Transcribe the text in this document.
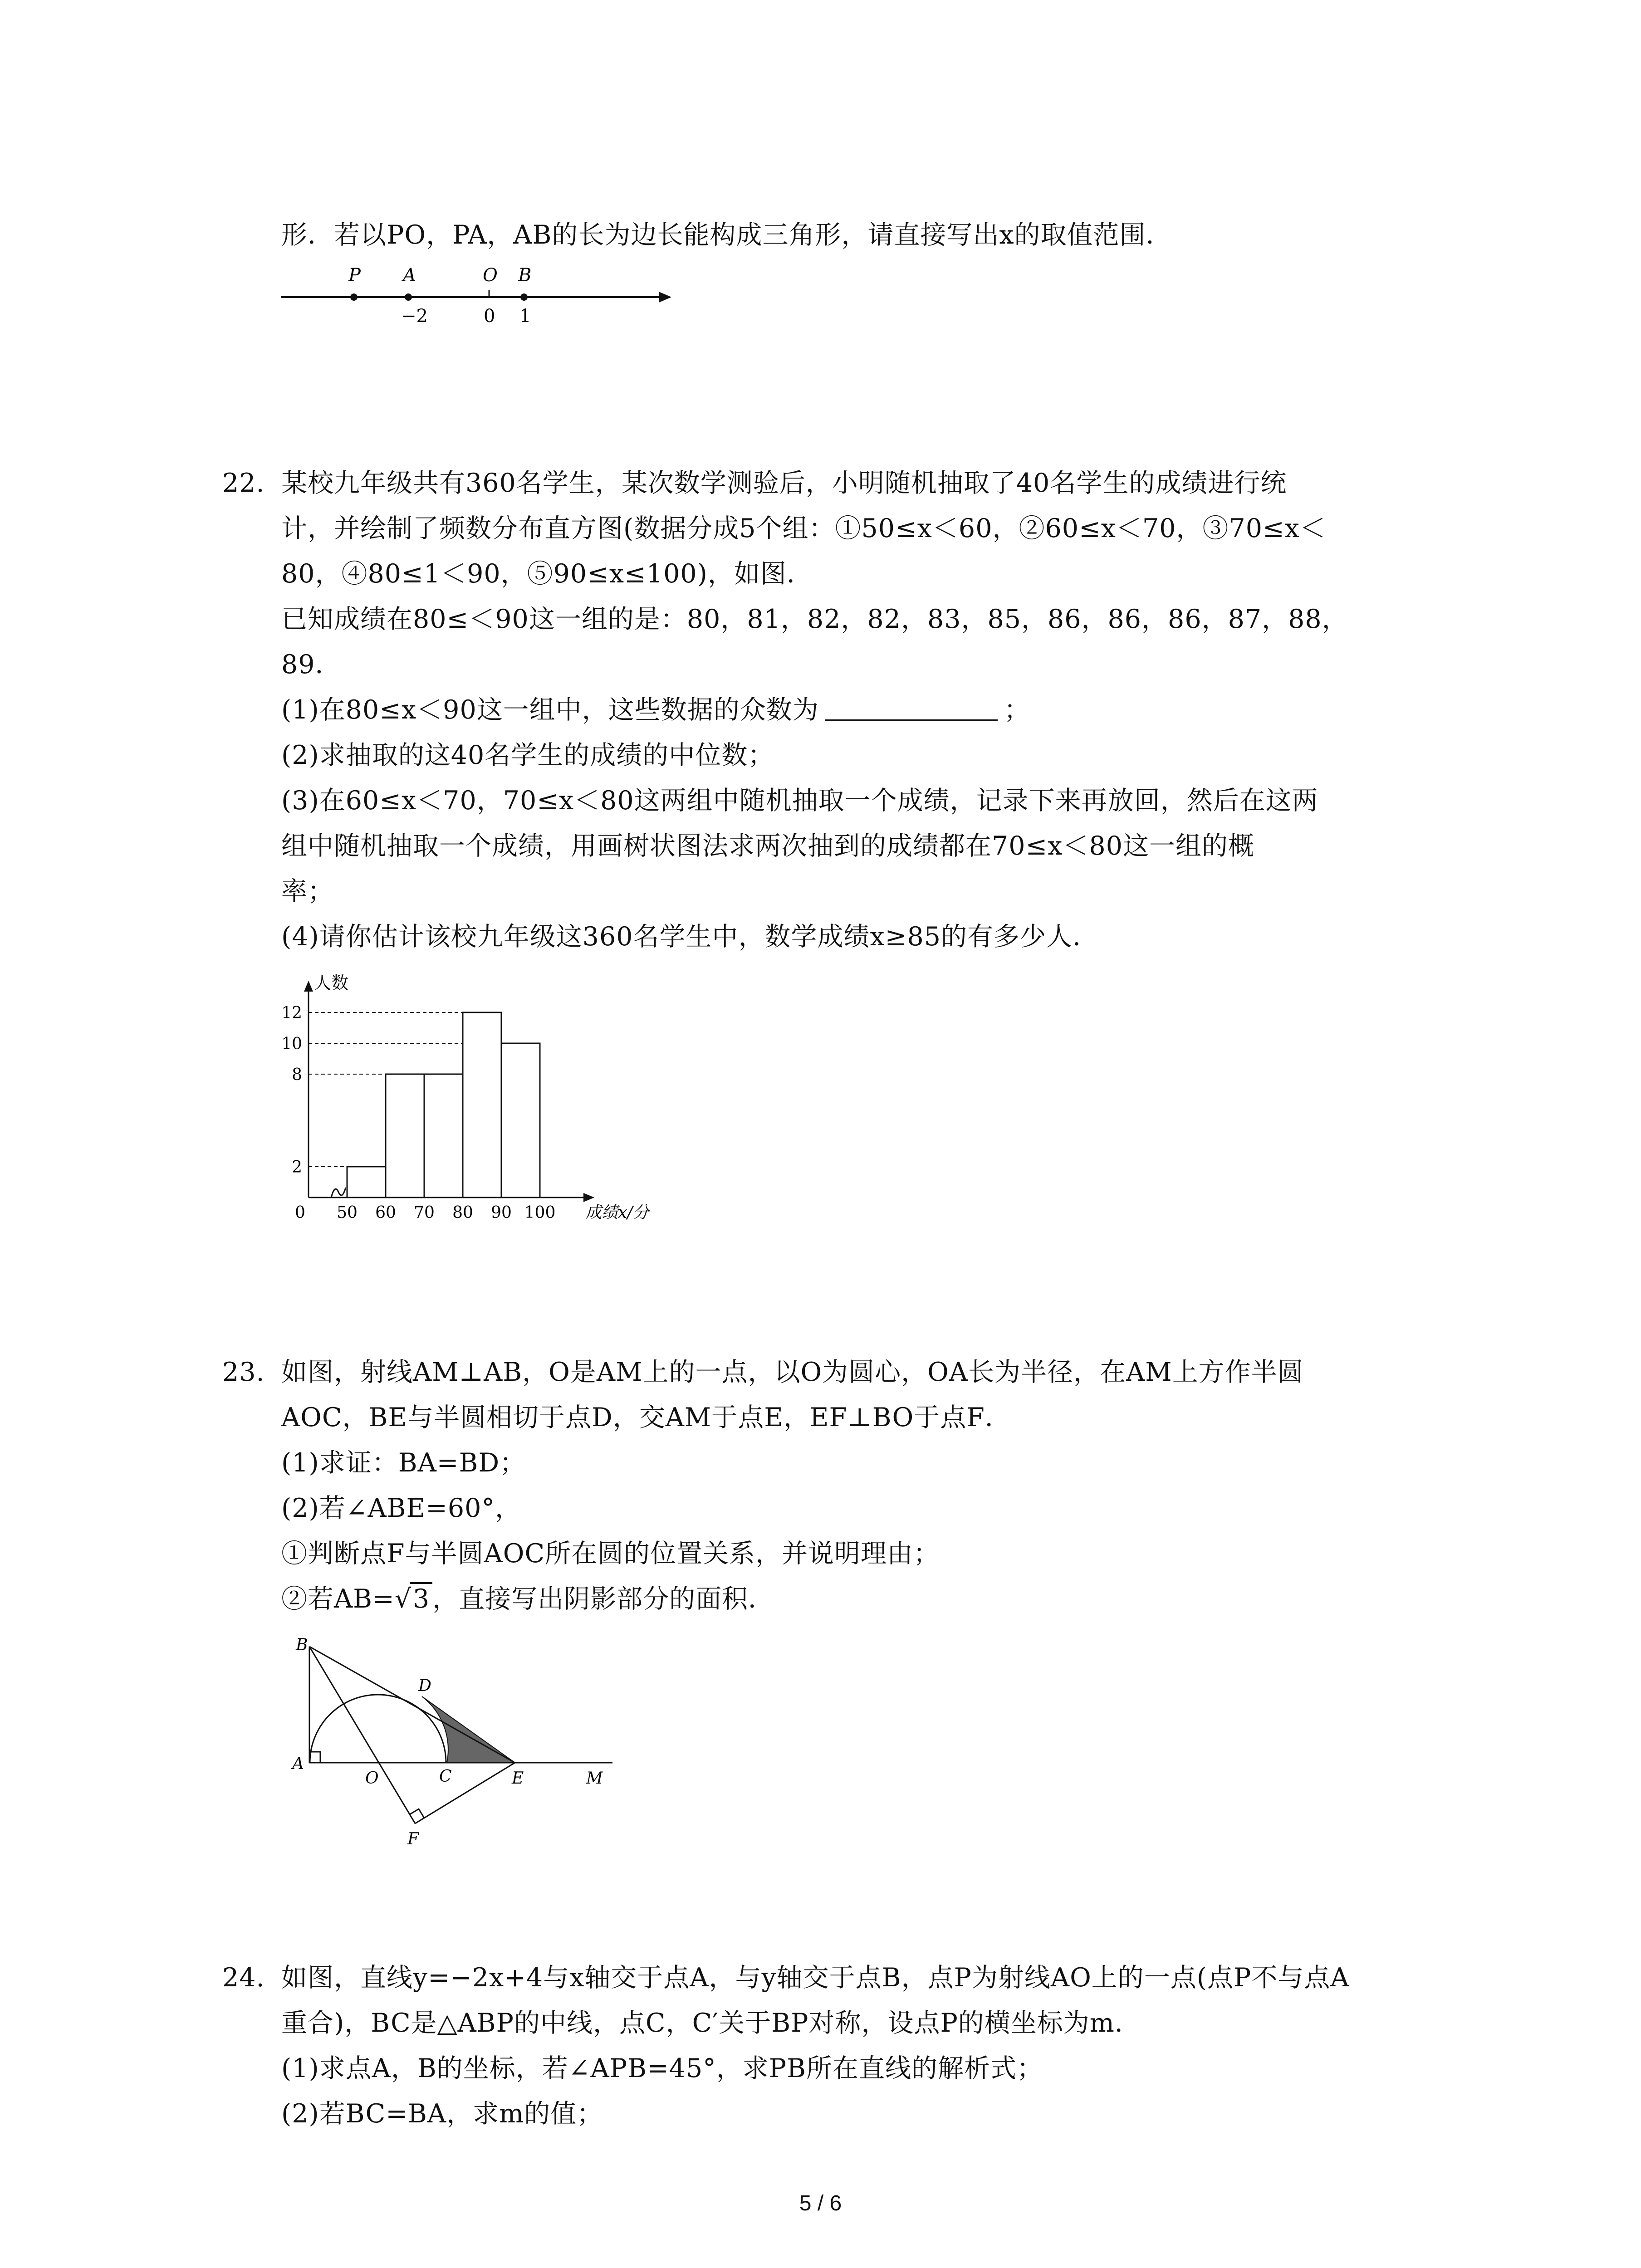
形．若以PO，PA，AB的长为边长能构成三角形，请直接写出x的取值范围．
P A	O B
−2	0 1
22. 某校九年级共有360名学生，某次数学测验后，小明随机抽取了40名学生的成绩进行统
计，并绘制了频数分布直方图(数据分成5个组：①50≤x＜60，②60≤x＜70，③70≤x＜
80，④80≤1＜90，⑤90≤x≤100)，如图．
已知成绩在80≤＜90这一组的是：80，81，82，82，83，85，86，86，86，87，88，
89．
(1)在80≤x＜90这一组中，这些数据的众数为	；
(2)求抽取的这40名学生的成绩的中位数；
(3)在60≤x＜70，70≤x＜80这两组中随机抽取一个成绩，记录下来再放回，然后在这两
组中随机抽取一个成绩，用画树状图法求两次抽到的成绩都在70≤x＜80这一组的概
率；
(4)请你估计该校九年级这360名学生中，数学成绩x≥85的有多少人．
人数
成绩x/分
0
2
8
10
12
50 60 70 80 90 100
23. 如图，射线AM⊥AB，O是AM上的一点，以O为圆心，OA长为半径，在AM上方作半圆
AOC，BE与半圆相切于点D，交AM于点E，EF⊥BO于点F．
(1)求证：BA=BD；
(2)若∠ABE=60°，
①判断点F与半圆AOC所在圆的位置关系，并说明理由；
②若AB= √ 3 ，直接写出阴影部分的面积．
B
D
A
O	C	E	M
F
24. 如图，直线y=−2x+4与x轴交于点A，与y轴交于点B，点P为射线AO上的一点(点P不与点A
重合)，BC是△ABP的中线，点C，C′关于BP对称，设点P的横坐标为m．
(1)求点A，B的坐标，若∠APB=45°，求PB所在直线的解析式；
(2)若BC=BA，求m的值；
5 / 6
